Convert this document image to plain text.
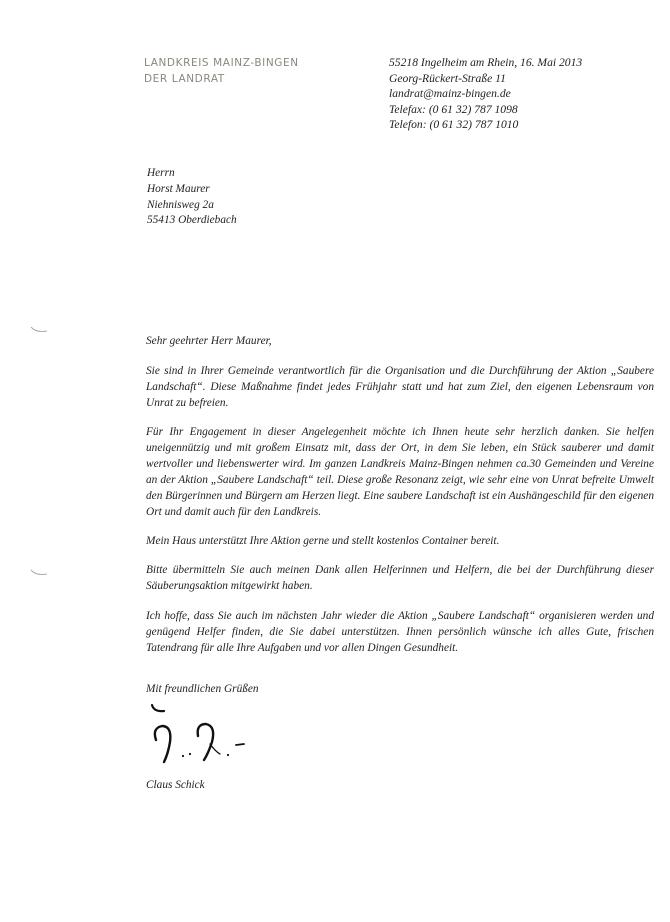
LANDKREIS MAINZ-BINGEN
DER LANDRAT
55218 Ingelheim am Rhein, 16. Mai 2013
Georg-Rückert-Straße 11
landrat@mainz-bingen.de
Telefax: (0 61 32) 787 1098
Telefon: (0 61 32) 787 1010
Herrn
Horst Maurer
Niehnisweg 2a
55413 Oberdiebach

Sehr geehrter Herr Maurer,

Sie sind in Ihrer Gemeinde verantwortlich für die Organisation und die Durchführung der Aktion „Saubere Landschaft“. Diese Maßnahme findet jedes Frühjahr statt und hat zum Ziel, den eigenen Lebensraum von Unrat zu befreien.

Für Ihr Engagement in dieser Angelegenheit möchte ich Ihnen heute sehr herzlich danken. Sie helfen uneigennützig und mit großem Einsatz mit, dass der Ort, in dem Sie leben, ein Stück sauberer und damit wertvoller und liebenswerter wird. Im ganzen Landkreis Mainz-Bingen nehmen ca.30 Gemeinden und Vereine an der Aktion „Saubere Landschaft“ teil. Diese große Resonanz zeigt, wie sehr eine von Unrat befreite Umwelt den Bürgerinnen und Bürgern am Herzen liegt. Eine saubere Landschaft ist ein Aushängeschild für den eigenen Ort und damit auch für den Landkreis.

Mein Haus unterstützt Ihre Aktion gerne und stellt kostenlos Container bereit.

Bitte übermitteln Sie auch meinen Dank allen Helferinnen und Helfern, die bei der Durchführung dieser Säuberungsaktion mitgewirkt haben.

Ich hoffe, dass Sie auch im nächsten Jahr wieder die Aktion „Saubere Landschaft“ organisieren werden und genügend Helfer finden, die Sie dabei unterstützen. Ihnen persönlich wünsche ich alles Gute, frischen Tatendrang für alle Ihre Aufgaben und vor allen Dingen Gesundheit.

Mit freundlichen Grüßen
Claus Schick
